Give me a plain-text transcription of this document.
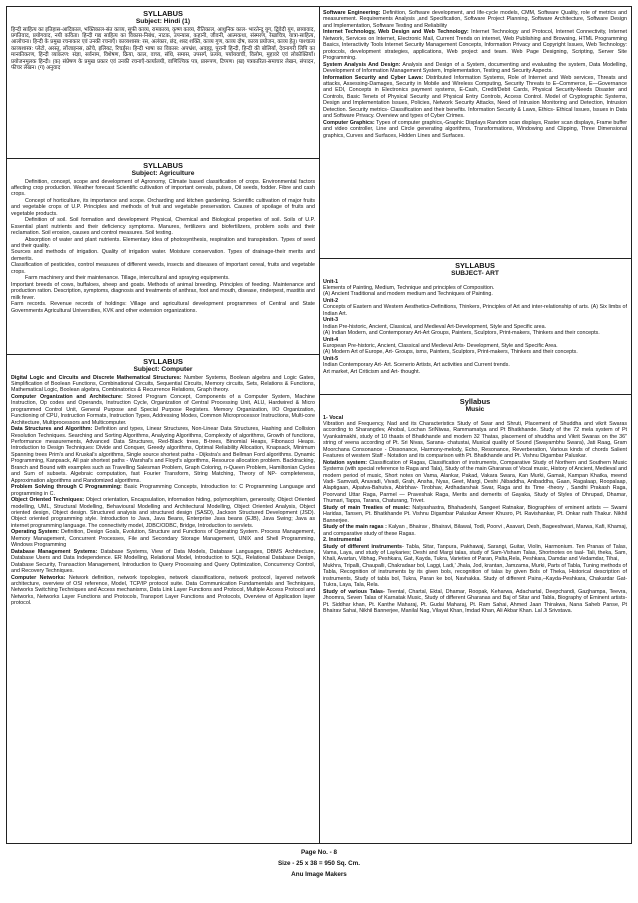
SYLLABUS

Subject: Hindi (1)

हिन्दी साहित्य का इतिहास-आदिकाल, भक्तिकाल-संत काव्य, सूफी काव्य, रामकाव्य, कृष्ण काव्य, रीतिकाल, आधुनिक काल- भारतेन्दु युग, द्विवेदी युग, छायावाद, प्रगतिवाद, प्रयोगवाद, नयी कविता। हिन्दी गद्य साहित्य का विकास-निबंध, नाटक, उपन्यास, कहानी, जीवनी, आत्मकथा, संस्मरण, रेखाचित्र, यात्रा-साहित्य, आलोचना। हिन्दी के प्रमुख रचनाकार एवं उनकी रचनाएँ। काव्यशास्त्र: रस, अलंकार, छंद, शब्द शक्ति, काव्य गुण, काव्य दोष, काव्य प्रयोजन, काव्य हेतु। पाश्चात्य काव्यशास्त्र: प्लेटो, अरस्तू, लोंजाइनस, क्रोचे, इलियट, रिचर्ड्स। हिन्दी भाषा का विकास: अपभ्रंश, अवहट्ट, पुरानी हिन्दी, हिन्दी की बोलियाँ, देवनागरी लिपि का मानकीकरण, हिन्दी व्याकरण: संज्ञा, सर्वनाम, विशेषण, क्रिया, काल, वाच्य, संधि, समास, उपसर्ग, प्रत्यय, पर्यायवाची, विलोम, मुहावरे एवं लोकोक्तियाँ। प्रयोजनमूलक हिन्दी। (क) संप्रेषण के प्रमुख प्रकार एवं उनकी रचनाएँ-कार्यालयी, वाणिज्यिक पत्र, प्रारूपण, टिप्पण। (ख) पत्रकारिता-समाचार लेखन, संपादन, फीचर लेखन। (ग) अनुवाद

SYLLABUS

Subject: Agriculture

Definition, concept, scope and development of Agronomy, Climate based classification of crops. Environmental factors affecting crop production. Weather forecast Scientific cultivation of important cereals, pulses, Oil seeds, fodder. Fibre and cash crops.

Concept of horticulture, its importance and scope. Orcharding and kitchen gardening. Scientific cultivation of major fruits and vegetable crops of U.P. Principles and methods of fruit and vegetable preservation. Causes of spoilage of fruits and vegetable products.

Definition of soil. Soil formation and development Physical, Chemical and Biological properties of soil. Soils of U.P. Essential plant nutrients and their deficiency symptoms. Manures, fertilizers and biofertilizers, problem soils and their reclamation. Soil erosion, causes and control measures. Soil testing.

Absorption of water and plant nutrients. Elementary idea of photosynthesis, respiration and transpiration. Types of seed and their quality.

Sources and methods of irrigation. Quality of irrigation water. Moisture conservation. Types of drainage-their merits and demerits.

Classification of pesticides, control measures of different weeds, insects and diseases of important cereal, fruits and vegetable crops.

Farm machinery and their maintenance. Tillage, intercultural and spraying equipments.

Important breeds of cows, buffaloes, sheep and goats. Methods of animal breeding. Principles of feeding. Maintenance and production ration. Description, symptoms, diagnosis and treatments of anthrax, foot and mouth, disease, rinderpest, mastitis and milk fever.

Farm records. Revenue records of holdings: Village and agricultural development programmes of Central and State Governments Agricultural Universities, KVK and other extension organizations.

SYLLABUS

Subject: Computer

Digital Logic and Circuits and Discrete Mathematical Structures: Number Systems, Boolean algebra and Logic Gates, Simplification of Boolean Functions, Combinational Circuits, Sequential Circuits, Memory circuits, Sets, Relations & Functions, Mathematical Logic, Boolean algebra, Combinatorics & Recurrence Relations, Graph theory.

Computer Organization and Architecture: Stored Program Concept, Components of a Computer System, Machine Instruction, Op codes and Operands, Instruction Cycle, Organization of Central Processing Unit, ALU, Hardwired & Micro programmed Control Unit, General Purpose and Special Purpose Registers. Memory Organization, I/O Organization, Functioning of CPU, Instruction Formats, Instruction Types, Addressing Modes, Common Microprocessor Instructions, Multi-core Architecture, Multiprocessors and Multicomputer.

Data Structures and Algorithm: Definition and types, Linear Structures, Non-Linear Data Structures, Hashing and Collision Resolution Techniques. Searching and Sorting Algorithms, Analyzing Algorithms, Complexity of algorithms, Growth of functions, Performance measurements, Advanced Data Structures, Red-Black trees, B-trees, Binomial Heaps, Fibonacci Heaps. Introduction to Design Techniques: Divide and Conquer, Greedy algorithms, Optimal Reliability Allocation, Knapsack, Minimum Spanning trees Prim's and Kruskal's algorithms, Single source shortest paths - Dijkstra's and Bellman Ford algorithms. Dynamic Programming, Kanpsack, All pair shortest paths - Warshal's and Floyd's algorithms, Resource allocation problem. Backtracking, Branch and Bound with examples such as Travelling Salesman Problem, Graph Coloring, n-Queen Problem, Hamiltonian Cycles and Sum of subsets. Algebraic computation, fast Fourier Transform, String Matching, Theory of NP- completeness, Approximation algorithms and Randomized algorithms.

Problem Solving through C Programming: Basic Programming Concepts, Introduction to: C Programming Language and programming in C.

Object Oriented Techniques: Object orientation, Encapsulation, information hiding, polymorphism, generosity, Object Oriented modelling, UML, Structural Modelling, Behavioural Modelling and Architectural Modelling, Object Oriented Analysis, Object oriented design, Object design. Structured analysis and structured design (SASD), Jackson Structured Development (JSD). Object oriented programming style. Introduction to Java, Java Beans, Enterprise Java beans (EJB), Java Swing; Java as internet programming language. The connectivity model, JDBC/ODBC, Bridge, Introduction to servlets.

Operating System: Definition, Design Goals, Evolution, Structure and Functions of Operating System. Process Management, Memory Management, Concurrent Processes, File and Secondary Storage Management, UNIX and Shell Programming, Windows Programming

Database Management Systems: Database Systems, View of Data Models, Database Languages, DBMS Architecture, Database Users and Data Independence. ER Modelling, Relational Model, Introduction to SQL, Relational Database Design, Database Security, Transaction Management, Introduction to Query Processing and Query Optimization, Concurrency Control, and Recovery Techniques.

Computer Networks: Network definition, network topologies, network classifications, network protocol, layered network architecture, overview of OSI reference, Model, TCP/IP protocol suite. Data Communication Fundamentals and Techniques, Networks Switching Techniques and Access mechanisms, Data Link Layer Functions and Protocol, Multiple Access Protocol and Networks, Networks Layer Functions and Protocols, Transport Layer Functions and Protocols, Overview of Application layer protocol.

Software Engineering: Definition, Software development, and life-cycle models, CMM, Software Quality, role of metrics and measurement. Requirements Analysis ,and Specification, Software Project Planning, Software Architecture, Software Design and Implementation, Software Testing and Reliability

Internet Technology, Web Design and Web Technology: Internet Technology and Protocol, Internet Connectivity, Internet Network, Services on Internet, Electronic Mail, Current Trends on internet, Web Publishing and Browsing, HTML Programming Basics, Interactivity Tools Internet Security Management Concepts, Information Privacy and Copyright Issues, Web Technology: protocols, development strategies, applications, Web project and team. Web Page Designing, Scripting, Server Site Programming.

System Analysis And Design: Analysis and Design of a System, documenting and evaluating the system, Data Modelling, Development of Information Management System, Implementation, Testing and Security Aspects.

Information Security and Cyber Laws: Distributed Information Systems, Role of Internet and Web services, Threats and attacks, Assessing-Damages, Security in Mobile and Wireless Computing, Security Threats to E–Commerce, E—Governance and EDI, Concepts in Electronics payment systems, E-Cash, Credit/Debit Cards, Physical Security-Needs Disaster and Controls, Basic Tenets of Physical Security and Physical Entry Controls, Access Control. Model of Cryptographic Systems, Design and Implementation Issues, Policies, Network Security Attacks, Need of Intrusion Monitoring and Detection, Intrusion Detection. Security metrics- Classification and their benefits. Information Security & Laws, Ethics- Ethical Issues, Issues in Data and Software Privacy. Overview and types of Cyber Crimes.

Computer Graphics: Types of computer graphics,-Graphic Displays Random scan displays, Raster scan displays, Frame buffer and video controller, Line and Circle generating algorithms, Transformations, Windowing and Clipping, Three Dimensional graphics, Curves and Surfaces, Hidden Lines and Surfaces.

SYLLABUS

SUBJECT- ART

Unit-1

Elements of Painting, Medium, Technique and principles of Composition.

(A) Ancient Traditional and modern medium and Techniques of Painting.

Unit-2

Concepts of Eastern and Western Aesthetics-Definitions, Thinkers, Principles of Art and inter-relationship of arts. (A) Six limbs of Indian Art.

Unit-3

Indian Pre-historic, Ancient, Classical, and Medieval Art-Development, Style and Specific area.

(A) Indian Modern, and Contemporary Art-Art Groups, Painters, Sculptors, Print-makers, Thinkers and their concepts.

Unit-4

European Pre-historic, Ancient, Classical and Medieval Arts- Development, Style and Specific Area.

(A) Modern Art of Europe, Art- Groups, isms, Painters, Sculptors, Print-makers, Thinkers and their concepts.

Unit-5

Indian Contemporary Art- Art. Scenerio Artists, Art activities and Current trends.

Art market, Art Criticism and Art- thought.

Syllabus

Music

1- Vocal

Vibration and Frequency, Nad and its Characteristics Study of Swar and Shruti, Placement of Shuddha and vikrit Swaras according to Sharangdev, Ahobal, Lochan SriNiwas, Rammamatya and Pt Bhatkhande. Study of the 72 mela system of Pt Vyankatmakhi, study of 10 thaats of Bhatkhande and modern 32 Thatas, placement of shuddha and Vikrit Swaras on the 36" string of veena according of Pt. Sri Nivas, Sarana- chatustai, Musical quality of Sound (Swayambhu Swara), Jati Raag, Gram Moorchana Consonance - Dissonance, Harmony-melody, Echo, Resonance, Reverberation, Various kinds of chords Salient Features of western Staff - Notation and its comparison with Pt. Bhatkhande and Pt. Vishnu Digambar Paluskar.

Notation system: Classification of Ragas, Classification of instruments, Comparative Study of Northern and Southern Music Systems (with special reference to Raga and Tala), Study of the main Gharanas of Vocal music, History of Ancient, Medieval and modern period of music, Short notes on Vama, Alankar, Pakad, Vakara Swara, Kan Murki, Gamak, Kampan Khatka, meend Vadi- Samvadi, Anuvadi, Vivadi, Grah, Ansha, Nyas, Geet, Margi, Deshi ,Nibaddha, Anibaddha, Gaan, Ragalaap, Roopalaap, Alaptigaan, Alpatva-Bahutva, Abirbhav- Tirobhav, Ardhadarshak Swar, Raga and its Time -theory , Sandhi Prakash Raga, Poorvand Uttar Raga, Parmel — Praveshak Raga, Merits and demerits of Gayaka, Study of Styles of Dhrupad, Dhamar, Thumari, Tappa, Tarana, Chaturang, Trivet.

Study of main Treaties of music: Natyashastra, Bhahadeshi, Sangeet Ratnakar, Biographies of eminent artists — Swami Haridas, Tansen, Pt. Bhatkhande Pt. Vishnu Digambar Paluskar Ameer Khusro, Pt. Ravishankar, Pt. Onkar nath Thakur. Nikhil Bannerjee.

Study of the main ragas : Kalyan , Bhairav , Bhairavi, Bilawal, Todi, Poorvi , Asavari, Desh, Bageeshwari, Marwa, Kafi, Khamaj, and comparative study of these Ragas.

2. Instrumental

Study of different instruments- Tabla, Sitar, Tanpura, Pakhawaj, Sarangi, Guitar, Violin, Harmonium. Ten Pranas of Talas, Vama, Laya, and study of Laykaries; Deshi and Margi talas, study of Sam-Visham Talas, Shortnotes on taal- Tali, theka, Sam, Khali, Avartan, Vibhag, Peshkara, Gat, Kayda, Tukra, Varieties of Paran, Palta,Rela, Peshkara, Damdar and Vedamdar, Tihai,

Mukhra, Tripalli, Chaupalli, Chakradaar bol, Laggi, Ladi,' Jhala, Jod, krantan, Jamzama, Murki, Parts of Tabla, Tuning methods of Tabla, Recognition of instruments by its given bols, recognition of talas by given Bols of Theka, Historical description of instruments, Study of tabla bol, Tukra, Paran ke bol, Navhakka. Study of different Pains,–Kayda-Peshkara, Chakardar Gat-Tukra, Laya, Tala, Rela.

Study of various Talas- Teental, Chartal, Ektal, Dhamar, Roopak, Keharwa, Adachartal, Deepchandi, Gazjhampa, Teevra, Jhoomra, Seven Talas of Karnatak Music, Study of different Gharanas and Baj of Sitar and Tabla, Biography of Eminent artists- Pt. Siddhar khan, Pt. Kanthe Maharaj, Pt. Gudai Maharaj, Pt. Ram Sahai, Ahmed Jaan Thirakwa, Nana Saheb Panse, Pt Bhairav Sahai, Nikhil Bannerjee, Manilal Nag, Vilayat Khan, Imdad Khan, Ali Akbar Khan. Lal Ji Srivstava.

Page No. - 8
Size - 25 x 38 = 950 Sq. Cm.
Anu Image Makers
